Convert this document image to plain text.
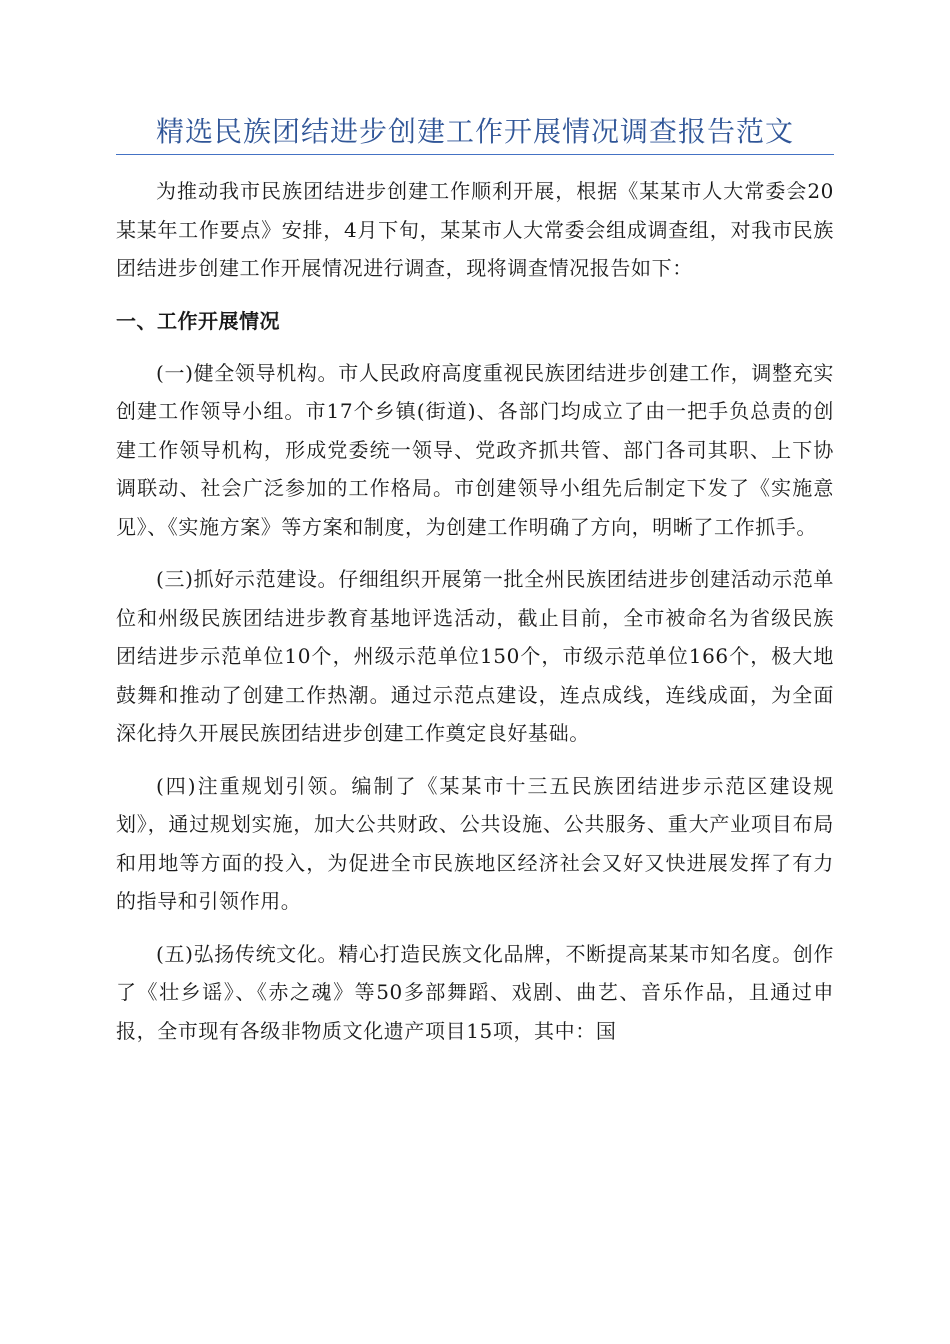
精选民族团结进步创建工作开展情况调查报告范文

为推动我市民族团结进步创建工作顺利开展，根据《某某市人大常委会20某某年工作要点》安排，4月下旬，某某市人大常委会组成调查组，对我市民族团结进步创建工作开展情况进行调查，现将调查情况报告如下：

一、工作开展情况

(一)健全领导机构。市人民政府高度重视民族团结进步创建工作，调整充实创建工作领导小组。市17个乡镇(街道)、各部门均成立了由一把手负总责的创建工作领导机构，形成党委统一领导、党政齐抓共管、部门各司其职、上下协调联动、社会广泛参加的工作格局。市创建领导小组先后制定下发了《实施意见》、《实施方案》等方案和制度，为创建工作明确了方向，明晰了工作抓手。

(三)抓好示范建设。仔细组织开展第一批全州民族团结进步创建活动示范单位和州级民族团结进步教育基地评选活动，截止目前，全市被命名为省级民族团结进步示范单位10个，州级示范单位150个，市级示范单位166个，极大地鼓舞和推动了创建工作热潮。通过示范点建设，连点成线，连线成面，为全面深化持久开展民族团结进步创建工作奠定良好基础。

(四)注重规划引领。编制了《某某市十三五民族团结进步示范区建设规划》，通过规划实施，加大公共财政、公共设施、公共服务、重大产业项目布局和用地等方面的投入，为促进全市民族地区经济社会又好又快进展发挥了有力的指导和引领作用。

(五)弘扬传统文化。精心打造民族文化品牌，不断提高某某市知名度。创作了《壮乡谣》、《赤之魂》等50多部舞蹈、戏剧、曲艺、音乐作品，且通过申报，全市现有各级非物质文化遗产项目15项，其中：国
